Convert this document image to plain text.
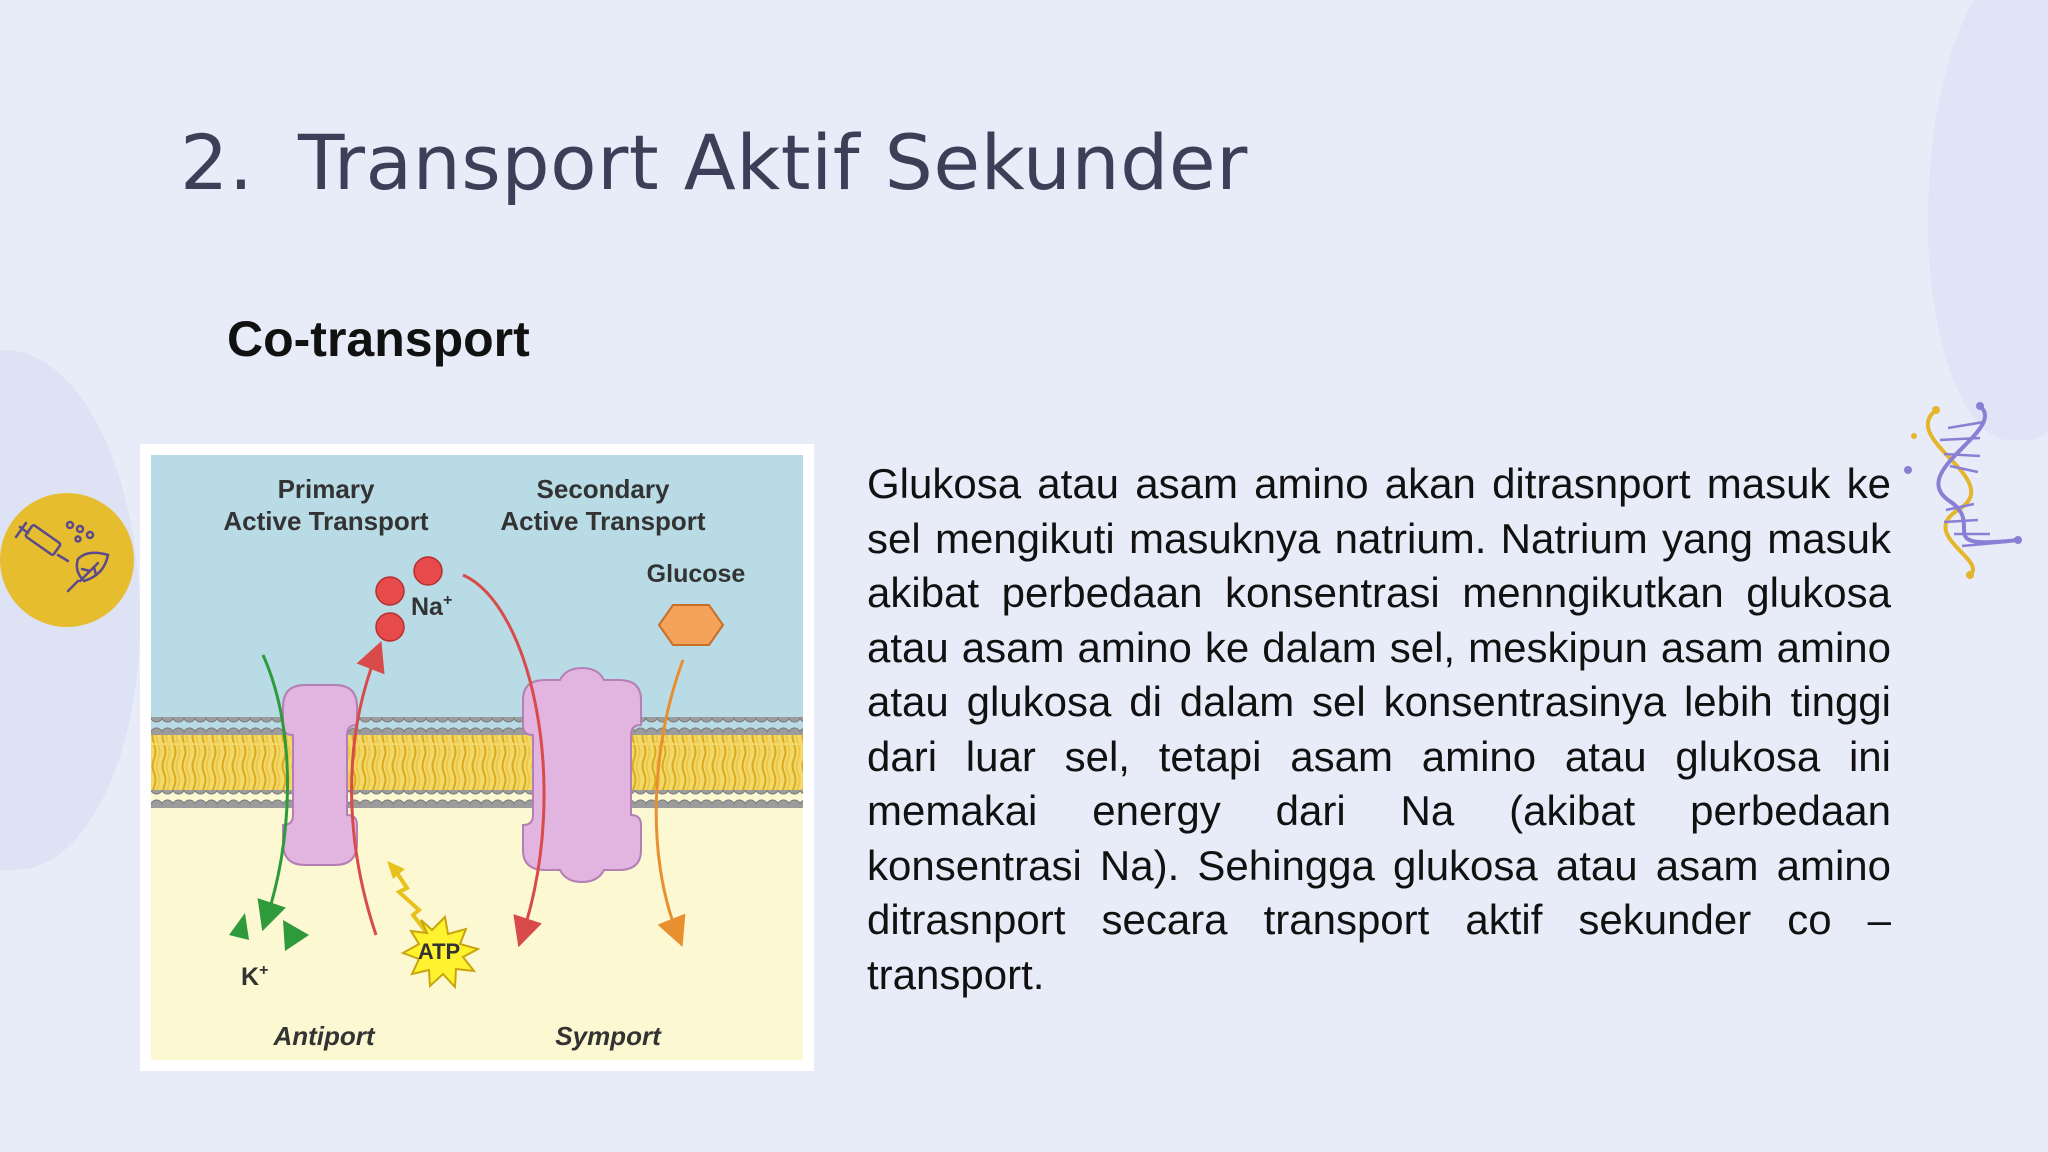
2. Transport Aktif Sekunder
Co-transport
Primary
Active Transport
Secondary
Active Transport
Glucose
Na+
ATP
K+
Antiport	Symport

Glukosa atau asam amino akan ditrasnport masuk ke sel mengikuti masuknya natrium. Natrium yang masuk akibat perbedaan konsentrasi menngikutkan glukosa atau asam amino ke dalam sel, meskipun asam amino atau glukosa di dalam sel konsentrasinya lebih tinggi dari luar sel, tetapi asam amino atau glukosa ini memakai energy dari Na (akibat perbedaan konsentrasi Na). Sehingga glukosa atau asam amino ditrasnport secara transport aktif sekunder co –transport.
